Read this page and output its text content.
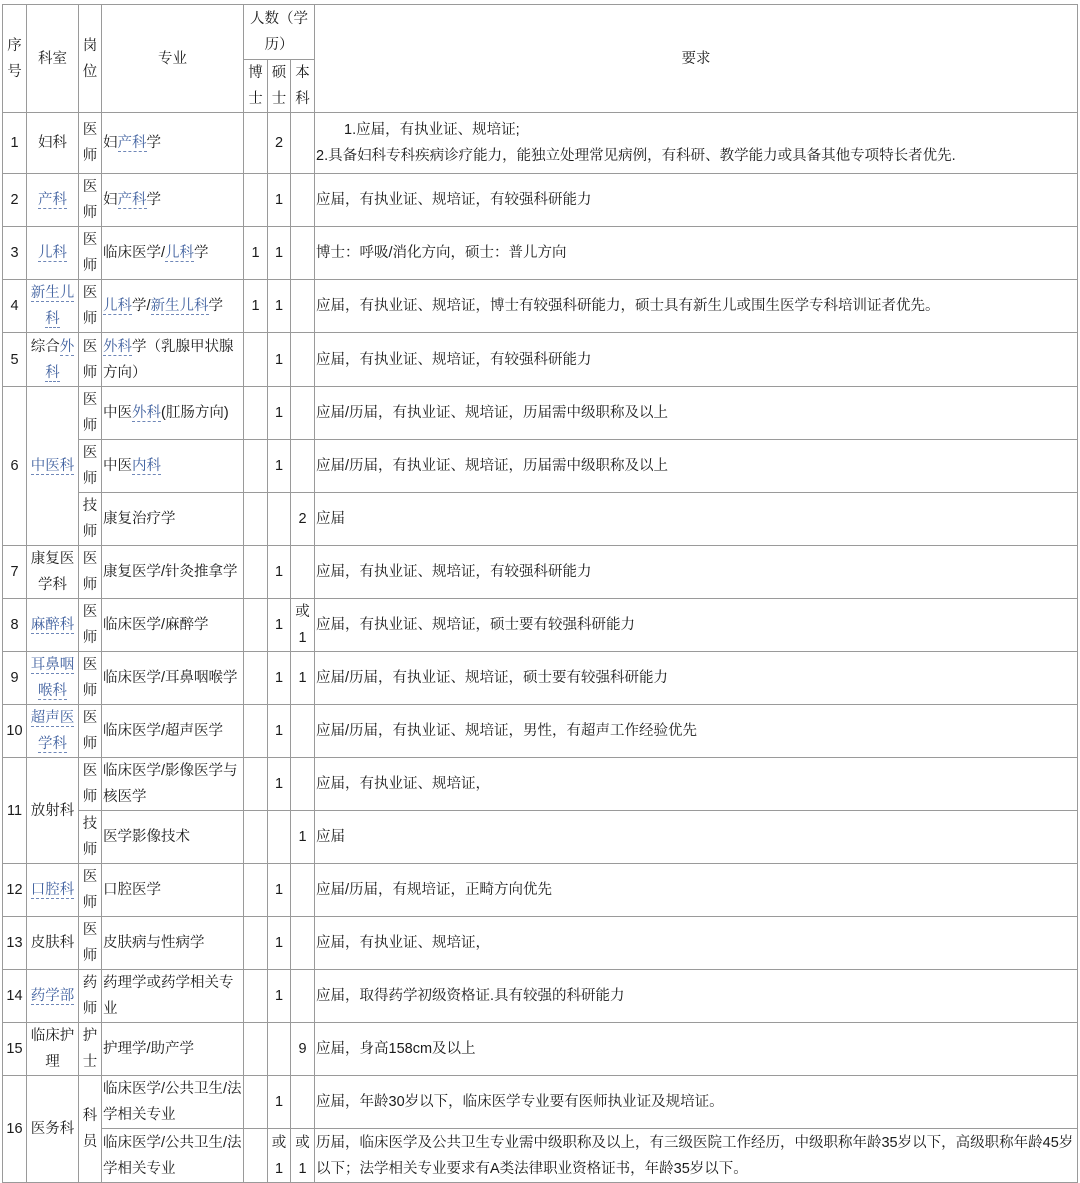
序号	科室	岗位	专业	人数（学历）			要求
				博士	硕士	本科	
1	妇科	医师	妇产科学		2		1.应届，有执业证、规培证;
2.具备妇科专科疾病诊疗能力，能独立处理常见病例，有科研、教学能力或具备其他专项特长者优先.

2	产科	医师	妇产科学		1		应届，有执业证、规培证，有较强科研能力
3	儿科	医师	临床医学/儿科学	1	1		博士：呼吸/消化方向，硕士：普儿方向
4	新生儿科	医师	儿科学/新生儿科学	1	1		应届，有执业证、规培证，博士有较强科研能力，硕士具有新生儿或围生医学专科培训证者优先。
5	综合外科	医师	外科学（乳腺甲状腺方向）		1		应届，有执业证、规培证，有较强科研能力
6	中医科	医师	中医外科(肛肠方向)		1		应届/历届，有执业证、规培证，历届需中级职称及以上
		医师	中医内科		1		应届/历届，有执业证、规培证，历届需中级职称及以上
		技师	康复治疗学			2	应届
7	康复医学科	医师	康复医学/针灸推拿学		1		应届，有执业证、规培证，有较强科研能力
8	麻醉科	医师	临床医学/麻醉学		1	或1	应届，有执业证、规培证，硕士要有较强科研能力
9	耳鼻咽喉科	医师	临床医学/耳鼻咽喉学		1	1	应届/历届，有执业证、规培证，硕士要有较强科研能力
10	超声医学科	医师	临床医学/超声医学		1		应届/历届，有执业证、规培证，男性，有超声工作经验优先
11	放射科	医师	临床医学/影像医学与核医学		1		应届，有执业证、规培证，
		技师	医学影像技术			1	应届
12	口腔科	医师	口腔医学		1		应届/历届，有规培证，正畸方向优先
13	皮肤科	医师	皮肤病与性病学		1		应届，有执业证、规培证，
14	药学部	药师	药理学或药学相关专业		1		应届，取得药学初级资格证.具有较强的科研能力
15	临床护理	护士	护理学/助产学			9	应届，身高158cm及以上
16	医务科	科员	临床医学/公共卫生/法学相关专业		1		应届，年龄30岁以下，临床医学专业要有医师执业证及规培证。
			临床医学/公共卫生/法学相关专业		或1	或1	历届，临床医学及公共卫生专业需中级职称及以上，有三级医院工作经历，中级职称年龄35岁以下，高级职称年龄45岁以下；法学相关专业要求有A类法律职业资格证书，年龄35岁以下。
